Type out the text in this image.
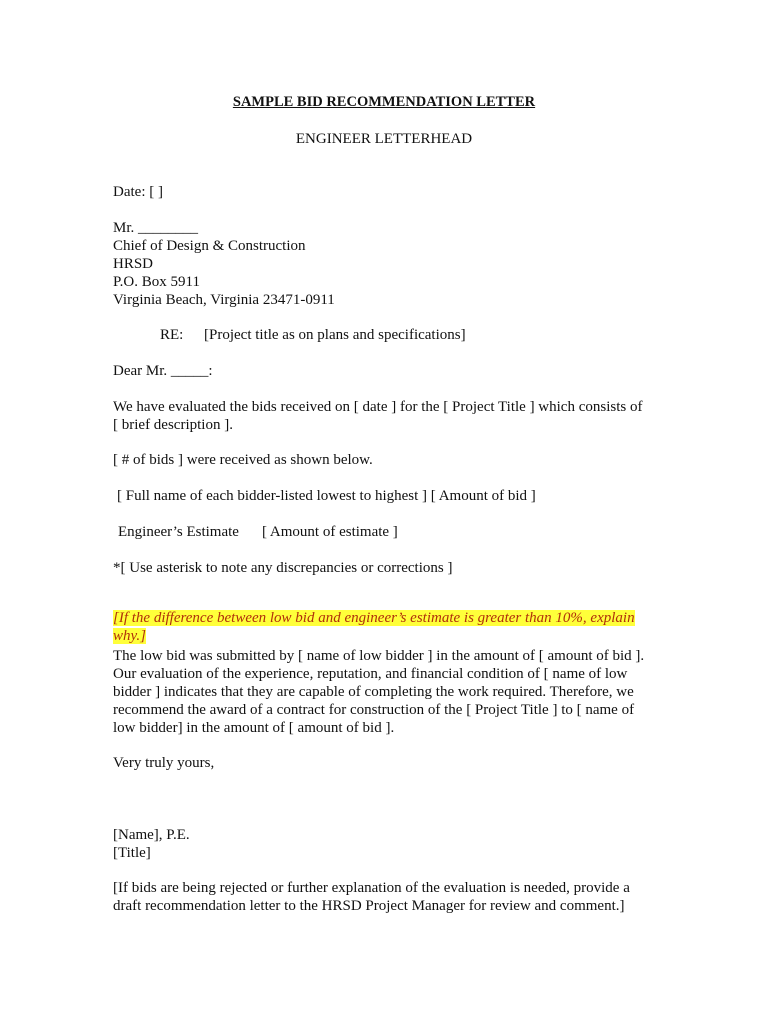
SAMPLE BID RECOMMENDATION LETTER

ENGINEER LETTERHEAD

Date: [ ]

Mr. ________

Chief of Design & Construction

HRSD

P.O. Box 5911

Virginia Beach, Virginia 23471-0911

RE: [Project title as on plans and specifications]

Dear Mr. _____:

We have evaluated the bids received on [ date ] for the [ Project Title ] which consists of

[ brief description ].

[ # of bids ] were received as shown below.

[ Full name of each bidder-listed lowest to highest ] [ Amount of bid ]

Engineer’s Estimate [ Amount of estimate ]

*[ Use asterisk to note any discrepancies or corrections ]

[If the difference between low bid and engineer’s estimate is greater than 10%, explain

why.]

The low bid was submitted by [ name of low bidder ] in the amount of [ amount of bid ].

Our evaluation of the experience, reputation, and financial condition of [ name of low

bidder ] indicates that they are capable of completing the work required. Therefore, we

recommend the award of a contract for construction of the [ Project Title ] to [ name of

low bidder] in the amount of [ amount of bid ].

Very truly yours,

[Name], P.E.

[Title]

[If bids are being rejected or further explanation of the evaluation is needed, provide a

draft recommendation letter to the HRSD Project Manager for review and comment.]
